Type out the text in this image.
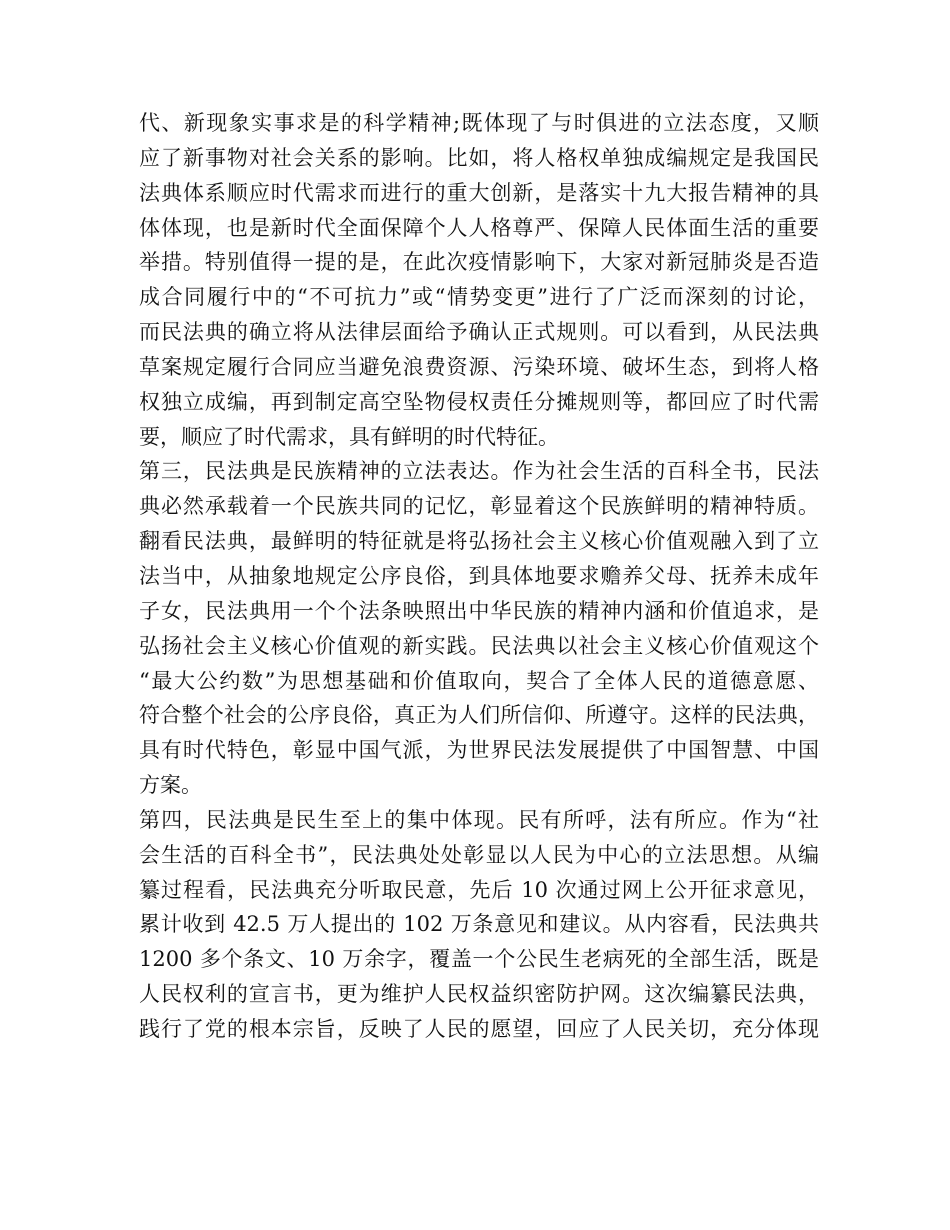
代、新现象实事求是的科学精神;既体现了与时俱进的立法态度，又顺
应了新事物对社会关系的影响。比如，将人格权单独成编规定是我国民
法典体系顺应时代需求而进行的重大创新，是落实十九大报告精神的具
体体现，也是新时代全面保障个人人格尊严、保障人民体面生活的重要
举措。特别值得一提的是，在此次疫情影响下，大家对新冠肺炎是否造
成合同履行中的“不可抗力”或“情势变更”进行了广泛而深刻的讨论，
而民法典的确立将从法律层面给予确认正式规则。可以看到，从民法典
草案规定履行合同应当避免浪费资源、污染环境、破坏生态，到将人格
权独立成编，再到制定高空坠物侵权责任分摊规则等，都回应了时代需
要，顺应了时代需求，具有鲜明的时代特征。
第三，民法典是民族精神的立法表达。作为社会生活的百科全书，民法
典必然承载着一个民族共同的记忆，彰显着这个民族鲜明的精神特质。
翻看民法典，最鲜明的特征就是将弘扬社会主义核心价值观融入到了立
法当中，从抽象地规定公序良俗，到具体地要求赡养父母、抚养未成年
子女，民法典用一个个法条映照出中华民族的精神内涵和价值追求，是
弘扬社会主义核心价值观的新实践。民法典以社会主义核心价值观这个
“最大公约数”为思想基础和价值取向，契合了全体人民的道德意愿、
符合整个社会的公序良俗，真正为人们所信仰、所遵守。这样的民法典，
具有时代特色，彰显中国气派，为世界民法发展提供了中国智慧、中国
方案。
第四，民法典是民生至上的集中体现。民有所呼，法有所应。作为“社
会生活的百科全书”，民法典处处彰显以人民为中心的立法思想。从编
纂过程看，民法典充分听取民意，先后 10 次通过网上公开征求意见，
累计收到 42.5 万人提出的 102 万条意见和建议。从内容看，民法典共
1200 多个条文、10 万余字，覆盖一个公民生老病死的全部生活，既是
人民权利的宣言书，更为维护人民权益织密防护网。这次编纂民法典，
践行了党的根本宗旨，反映了人民的愿望，回应了人民关切，充分体现
